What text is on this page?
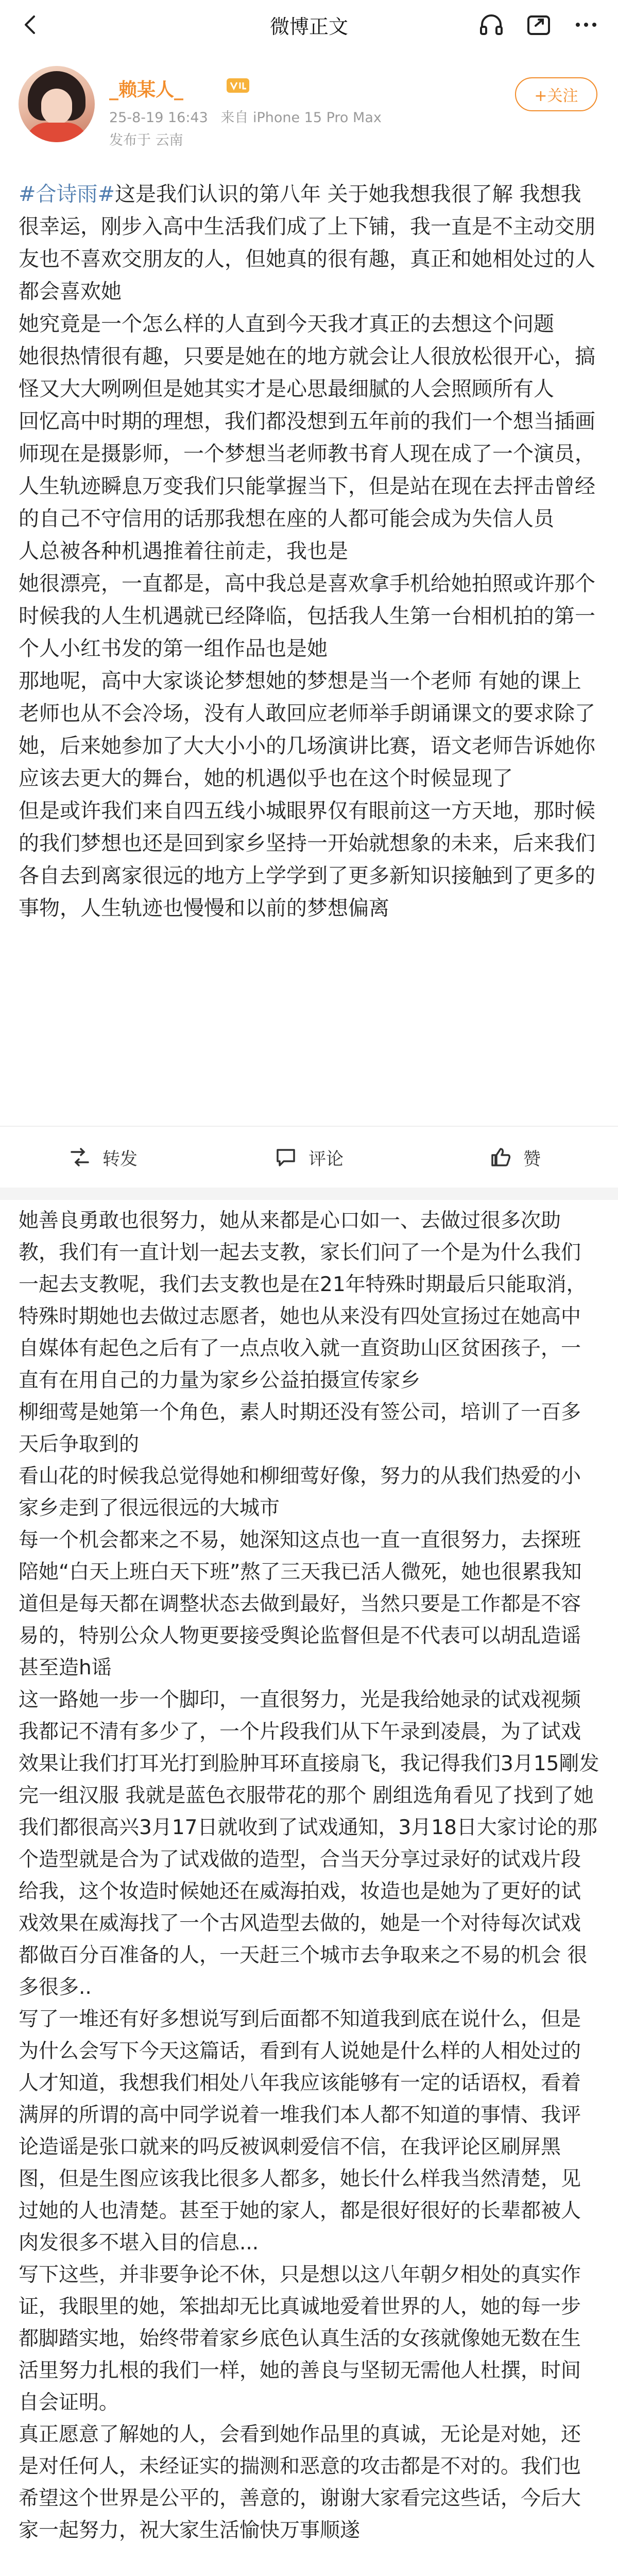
微博正文
_赖某人_
25-8-19 16:43 来自 iPhone 15 Pro Max
发布于 云南
+关注

#合诗雨#这是我们认识的第八年 关于她我想我很了解 我想我很幸运，刚步入高中生活我们成了上下铺，我一直是不主动交朋友也不喜欢交朋友的人，但她真的很有趣，真正和她相处过的人都会喜欢她

她究竟是一个怎么样的人直到今天我才真正的去想这个问题

她很热情很有趣，只要是她在的地方就会让人很放松很开心，搞怪又大大咧咧但是她其实才是心思最细腻的人会照顾所有人

回忆高中时期的理想，我们都没想到五年前的我们一个想当插画师现在是摄影师，一个梦想当老师教书育人现在成了一个演员，人生轨迹瞬息万变我们只能掌握当下，但是站在现在去抨击曾经的自己不守信用的话那我想在座的人都可能会成为失信人员

人总被各种机遇推着往前走，我也是

她很漂亮，一直都是，高中我总是喜欢拿手机给她拍照或许那个时候我的人生机遇就已经降临，包括我人生第一台相机拍的第一个人小红书发的第一组作品也是她

那地呢，高中大家谈论梦想她的梦想是当一个老师 有她的课上老师也从不会冷场，没有人敢回应老师举手朗诵课文的要求除了她，后来她参加了大大小小的几场演讲比赛，语文老师告诉她你应该去更大的舞台，她的机遇似乎也在这个时候显现了

但是或许我们来自四五线小城眼界仅有眼前这一方天地，那时候的我们梦想也还是回到家乡坚持一开始就想象的未来，后来我们各自去到离家很远的地方上学学到了更多新知识接触到了更多的事物，人生轨迹也慢慢和以前的梦想偏离

转发	评论	赞

她善良勇敢也很努力，她从来都是心口如一、去做过很多次助教，我们有一直计划一起去支教，家长们问了一个是为什么我们一起去支教呢，我们去支教也是在21年特殊时期最后只能取消，特殊时期她也去做过志愿者，她也从来没有四处宣扬过在她高中自媒体有起色之后有了一点点收入就一直资助山区贫困孩子，一直有在用自己的力量为家乡公益拍摄宣传家乡

柳细莺是她第一个角色，素人时期还没有签公司，培训了一百多天后争取到的

看山花的时候我总觉得她和柳细莺好像，努力的从我们热爱的小家乡走到了很远很远的大城市

每一个机会都来之不易，她深知这点也一直一直很努力，去探班陪她“白天上班白天下班”熬了三天我已活人微死，她也很累我知道但是每天都在调整状态去做到最好，当然只要是工作都是不容易的，特别公众人物更要接受舆论监督但是不代表可以胡乱造谣甚至造h谣

这一路她一步一个脚印，一直很努力，光是我给她录的试戏视频我都记不清有多少了，一个片段我们从下午录到凌晨，为了试戏效果让我们打耳光打到脸肿耳环直接扇飞，我记得我们3月15剛发完一组汉服 我就是蓝色衣服带花的那个 剧组选角看见了找到了她我们都很高兴3月17日就收到了试戏通知，3月18日大家讨论的那个造型就是合为了试戏做的造型，合当天分享过录好的试戏片段给我，这个妆造时候她还在威海拍戏，妆造也是她为了更好的试戏效果在威海找了一个古风造型去做的，她是一个对待每次试戏都做百分百准备的人，一天赶三个城市去争取来之不易的机会 很多很多..

写了一堆还有好多想说写到后面都不知道我到底在说什么，但是为什么会写下今天这篇话，看到有人说她是什么样的人相处过的人才知道，我想我们相处八年我应该能够有一定的话语权，看着满屏的所谓的高中同学说着一堆我们本人都不知道的事情、我评论造谣是张口就来的吗反被讽刺爱信不信，在我评论区刷屏黑图，但是生图应该我比很多人都多，她长什么样我当然清楚，见过她的人也清楚。甚至于她的家人，都是很好很好的长辈都被人肉发很多不堪入目的信息...

写下这些，并非要争论不休，只是想以这八年朝夕相处的真实作证，我眼里的她，笨拙却无比真诚地爱着世界的人，她的每一步都脚踏实地，始终带着家乡底色认真生活的女孩就像她无数在生活里努力扎根的我们一样，她的善良与坚韧无需他人杜撰，时间自会证明。

真正愿意了解她的人，会看到她作品里的真诚，无论是对她，还是对任何人，未经证实的揣测和恶意的攻击都是不对的。我们也希望这个世界是公平的，善意的，谢谢大家看完这些话，今后大家一起努力，祝大家生活愉快万事顺遂
